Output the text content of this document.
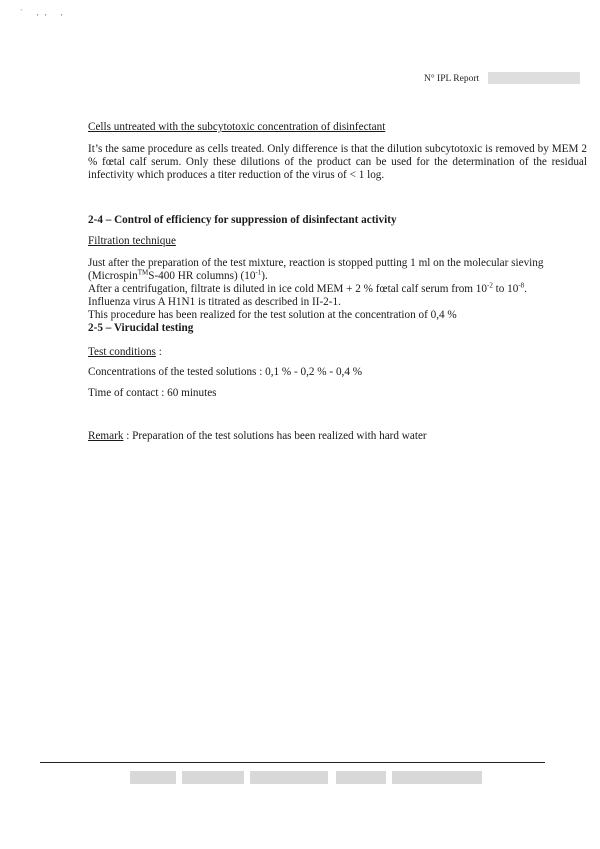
` ,, ,
N° IPL Report
Cells untreated with the subcytotoxic concentration of disinfectant

It’s the same procedure as cells treated. Only difference is that the dilution subcytotoxic is removed by MEM 2 % fœtal calf serum. Only these dilutions of the product can be used for the determination of the residual infectivity which produces a titer reduction of the virus of < 1 log.

2-4 – Control of efficiency for suppression of disinfectant activity
Filtration technique

Just after the preparation of the test mixture, reaction is stopped putting 1 ml on the molecular sieving

(Microspin™S-400 HR columns) $(10^{-1})$.

After a centrifugation, filtrate is diluted in ice cold MEM + 2 % fœtal calf serum from $10^{-2}$ to $10^{-8}$.

Influenza virus A H1N1 is titrated as described in II-2-1.

This procedure has been realized for the test solution at the concentration of 0,4 %

2-5 – Virucidal testing

Test conditions :
Concentrations of the tested solutions : 0,1 % - 0,2 % - 0,4 %
Time of contact : 60 minutes
Remark : Preparation of the test solutions has been realized with hard water
